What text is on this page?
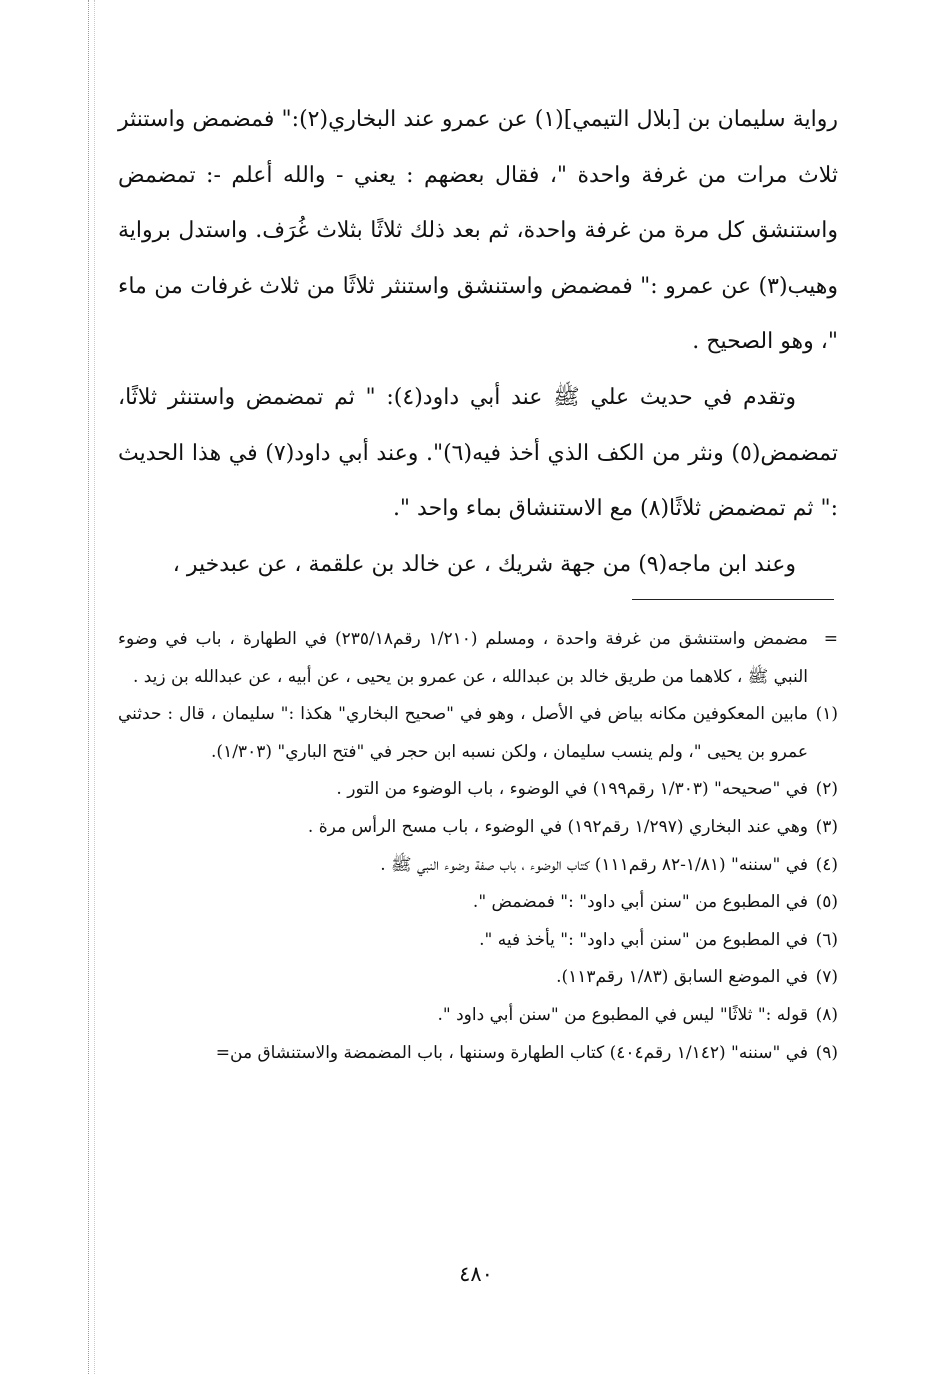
رواية سليمان بن [بلال التيمي](١) عن عمرو عند البخاري(٢):" فمضمض واستنثر ثلاث مرات من غرفة واحدة "، فقال بعضهم : يعني - والله أعلم -: تمضمض واستنشق كل مرة من غرفة واحدة، ثم بعد ذلك ثلاثًا بثلاث غُرَف. واستدل برواية وهيب(٣) عن عمرو :" فمضمض واستنشق واستنثر ثلاثًا من ثلاث غرفات من ماء "، وهو الصحيح .

وتقدم في حديث علي ﷺ عند أبي داود(٤): " ثم تمضمض واستنثر ثلاثًا، تمضمض(٥) ونثر من الكف الذي أخذ فيه(٦)". وعند أبي داود(٧) في هذا الحديث :" ثم تمضمض ثلاثًا(٨) مع الاستنشاق بماء واحد ".

وعند ابن ماجه(٩) من جهة شريك ، عن خالد بن علقمة ، عن عبدخير ،

=
مضمض واستنشق من غرفة واحدة ، ومسلم (١/٢١٠ رقم٢٣٥/١٨) في الطهارة ، باب في وضوء النبي ﷺ ، كلاهما من طريق خالد بن عبدالله ، عن عمرو بن يحيى ، عن أبيه ، عن عبدالله بن زيد .
(١)
مابين المعكوفين مكانه بياض في الأصل ، وهو في "صحيح البخاري" هكذا :" سليمان ، قال : حدثني عمرو بن يحيى "، ولم ينسب سليمان ، ولكن نسبه ابن حجر في "فتح الباري" (١/٣٠٣).
(٢)
في "صحيحه" (١/٣٠٣ رقم١٩٩) في الوضوء ، باب الوضوء من التور .
(٣)
وهي عند البخاري (١/٢٩٧ رقم١٩٢) في الوضوء ، باب مسح الرأس مرة .
(٤)
في "سننه" (١/٨١-٨٢ رقم١١١) كتاب الوضوء ، باب صفة وضوء النبي ﷺ .
(٥)
في المطبوع من "سنن أبي داود" :" فمضمض ".
(٦)
في المطبوع من "سنن أبي داود" :" يأخذ فيه ".
(٧)
في الموضع السابق (١/٨٣ رقم١١٣).
(٨)
قوله :" ثلاثًا" ليس في المطبوع من "سنن أبي داود ".
(٩)
في "سننه" (١/١٤٢ رقم٤٠٤) كتاب الطهارة وسننها ، باب المضمضة والاستنشاق من=
٤٨٠
